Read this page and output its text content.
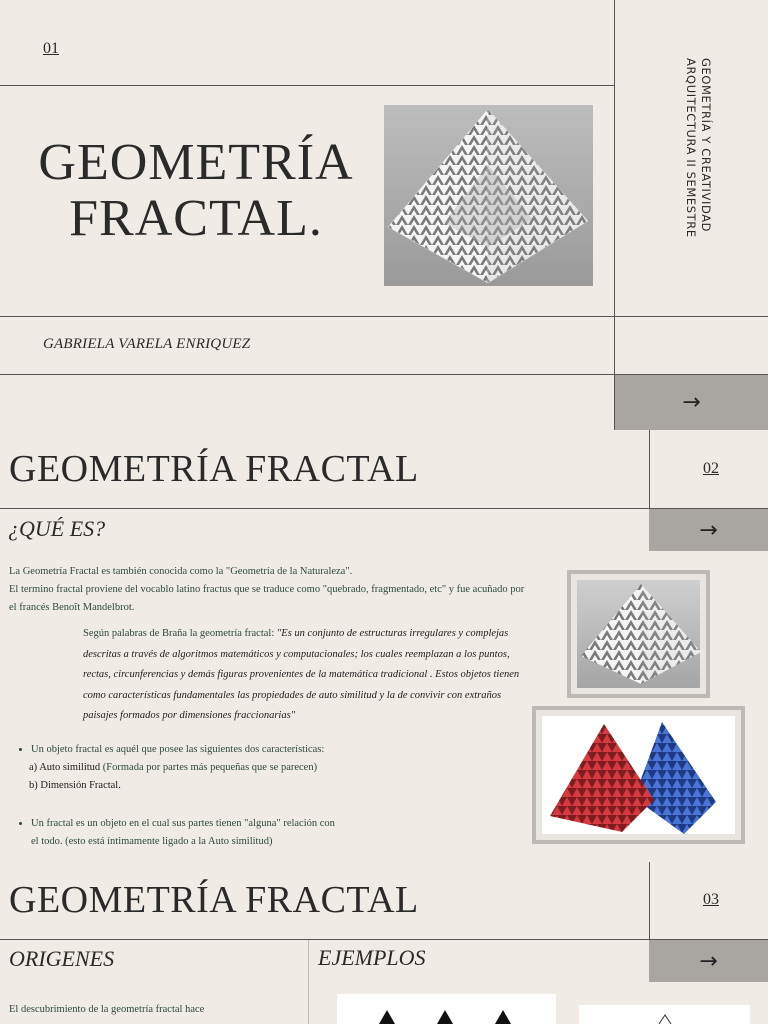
01
GEOMETRÍA
FRACTAL.
GABRIELA VARELA ENRIQUEZ
GEOMETRÍA Y CREATIVIDAD
ARQUITECTURA II SEMESTRE
→
GEOMETRÍA FRACTAL	02
¿QUÉ ES?	→
La Geometría Fractal es también conocida como la "Geometría de la Naturaleza".
El termino fractal proviene del vocablo latino fractus que se traduce como "quebrado, fragmentado, etc" y fue acuñado por el francés Benoît Mandelbrot.
Según palabras de Braña la geometría fractal: "Es un conjunto de estructuras irregulares y complejas descritas a través de algoritmos matemáticos y computacionales; los cuales reemplazan a los puntos, rectas, circunferencias y demás figuras provenientes de la matemática tradicional . Estos objetos tienen como características fundamentales las propiedades de auto similitud y la de convivir con extraños paisajes formados por dimensiones fraccionarias"
• Un objeto fractal es aquél que posee las siguientes dos características:
a) Auto similitud (Formada por partes más pequeñas que se parecen)
b) Dimensión Fractal.
• Un fractal es un objeto en el cual sus partes tienen "alguna" relación con
el todo. (esto está íntimamente ligado a la Auto similitud)
GEOMETRÍA FRACTAL	03
→
ORIGENES	EJEMPLOS
El descubrimiento de la geometría fractal hace
